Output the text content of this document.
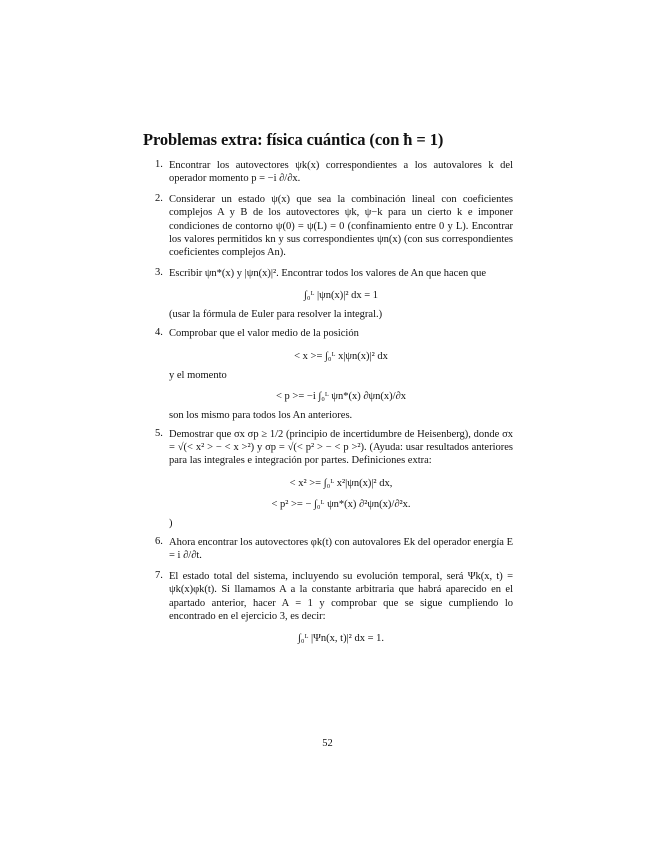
Problemas extra: física cuántica (con ħ = 1)
1. Encontrar los autovectores ψk(x) correspondientes a los autovalores k del operador momento p = −i ∂/∂x.
2. Considerar un estado ψ(x) que sea la combinación lineal con coeficientes complejos A y B de los autovectores ψk, ψ−k para un cierto k e imponer condiciones de contorno ψ(0) = ψ(L) = 0 (confinamiento entre 0 y L). Encontrar los valores permitidos kn y sus correspondientes ψn(x) (con sus correspondientes coeficientes complejos An).
3. Escribir ψn*(x) y |ψn(x)|². Encontrar todos los valores de An que hacen que
∫₀ᴸ |ψn(x)|² dx = 1
(usar la fórmula de Euler para resolver la integral.)
4. Comprobar que el valor medio de la posición
< x >= ∫₀ᴸ x|ψn(x)|² dx
y el momento
< p >= −i ∫₀ᴸ ψn*(x) ∂ψn(x)/∂x
son los mismo para todos los An anteriores.
5. Demostrar que σx σp ≥ 1/2 (principio de incertidumbre de Heisenberg), donde σx = √(< x² > − < x >²) y σp = √(< p² > − < p >²). (Ayuda: usar resultados anteriores para las integrales e integración por partes. Definiciones extra:
< x² >= ∫₀ᴸ x²|ψn(x)|² dx,
< p² >= − ∫₀ᴸ ψn*(x) ∂²ψn(x)/∂²x.
)
6. Ahora encontrar los autovectores φk(t) con autovalores Ek del operador energía E = i ∂/∂t.
7. El estado total del sistema, incluyendo su evolución temporal, será Ψk(x, t) = ψk(x)φk(t). Si llamamos A a la constante arbitraria que habrá aparecido en el apartado anterior, hacer A = 1 y comprobar que se sigue cumpliendo lo encontrado en el ejercicio 3, es decir:
∫₀ᴸ |Ψn(x, t)|² dx = 1.
52
